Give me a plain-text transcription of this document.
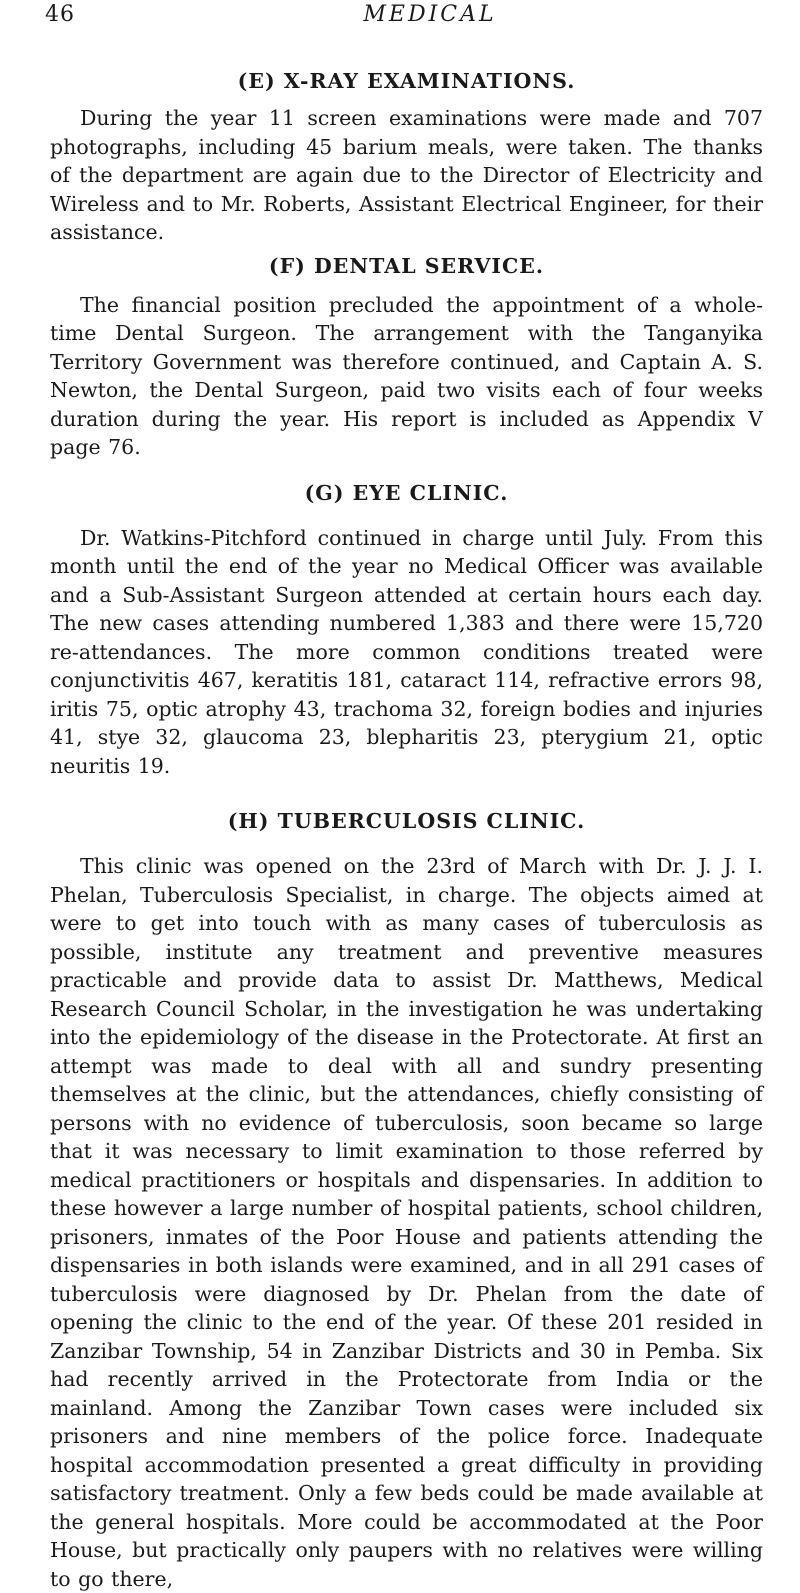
46	MEDICAL
(E) X-RAY EXAMINATIONS.

During the year 11 screen examinations were made and 707 photographs, including 45 barium meals, were taken. The thanks of the department are again due to the Director of Electricity and Wireless and to Mr. Roberts, Assistant Electrical Engineer, for their assistance.

(F) DENTAL SERVICE.

The financial position precluded the appointment of a whole-time Dental Surgeon. The arrangement with the Tanganyika Territory Government was therefore continued, and Captain A. S. Newton, the Dental Surgeon, paid two visits each of four weeks duration during the year. His report is included as Appendix V page 76.

(G) EYE CLINIC.

Dr. Watkins-Pitchford continued in charge until July. From this month until the end of the year no Medical Officer was available and a Sub-Assistant Surgeon attended at certain hours each day. The new cases attending numbered 1,383 and there were 15,720 re-attendances. The more common conditions treated were conjunctivitis 467, keratitis 181, cataract 114, refractive errors 98, iritis 75, optic atrophy 43, trachoma 32, foreign bodies and injuries 41, stye 32, glaucoma 23, blepharitis 23, pterygium 21, optic neuritis 19.

(H) TUBERCULOSIS CLINIC.

This clinic was opened on the 23rd of March with Dr. J. J. I. Phelan, Tuberculosis Specialist, in charge. The objects aimed at were to get into touch with as many cases of tuberculosis as possible, institute any treatment and preventive measures practicable and provide data to assist Dr. Matthews, Medical Research Council Scholar, in the investigation he was undertaking into the epidemiology of the disease in the Protectorate. At first an attempt was made to deal with all and sundry presenting themselves at the clinic, but the attendances, chiefly consisting of persons with no evidence of tuberculosis, soon became so large that it was necessary to limit examination to those referred by medical practitioners or hospitals and dispensaries. In addition to these however a large number of hospital patients, school children, prisoners, inmates of the Poor House and patients attending the dispensaries in both islands were examined, and in all 291 cases of tuberculosis were diagnosed by Dr. Phelan from the date of opening the clinic to the end of the year. Of these 201 resided in Zanzibar Township, 54 in Zanzibar Districts and 30 in Pemba. Six had recently arrived in the Protectorate from India or the mainland. Among the Zanzibar Town cases were included six prisoners and nine members of the police force. Inadequate hospital accommodation presented a great difficulty in providing satisfactory treatment. Only a few beds could be made available at the general hospitals. More could be accommodated at the Poor House, but practically only paupers with no relatives were willing to go there,
